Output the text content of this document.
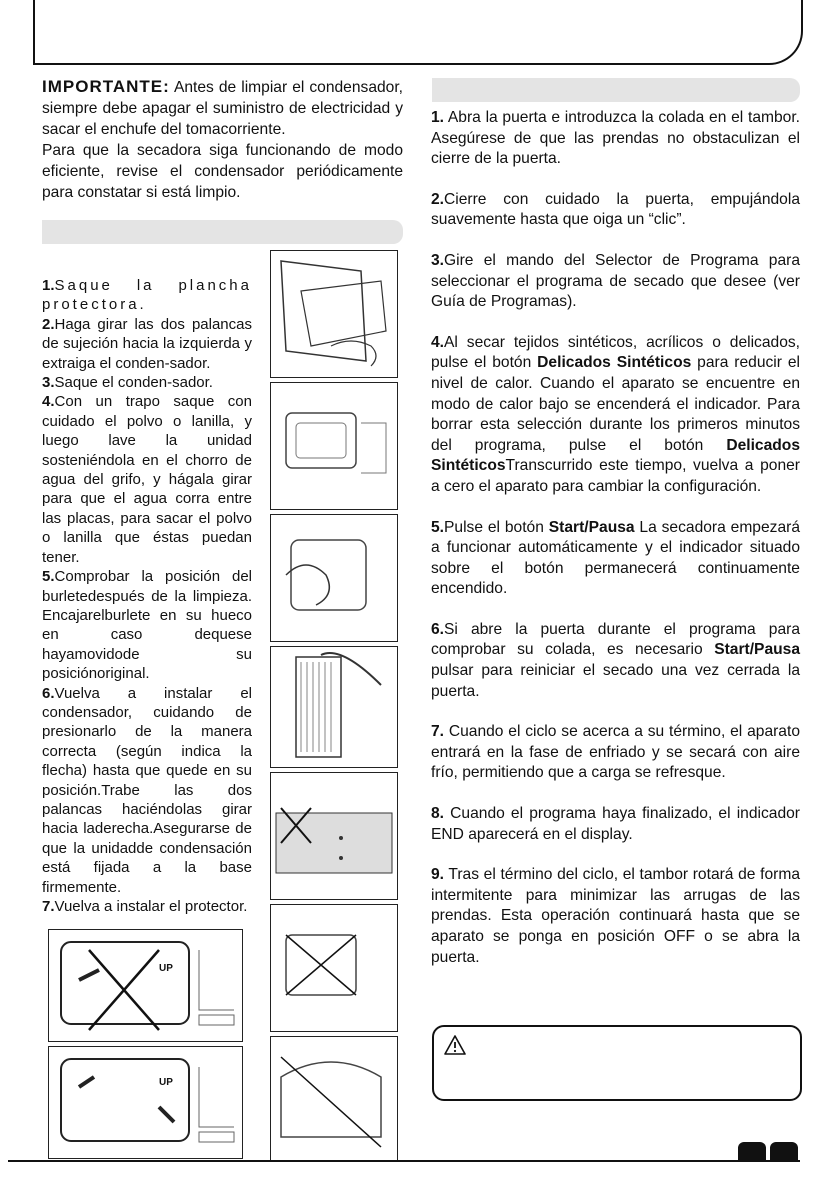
IMPORTANTE: Antes de limpiar el condensador, siempre debe apagar el suministro de electricidad y sacar el enchufe del tomacorriente.

Para que la secadora siga funcionando de modo eficiente, revise el condensador periódicamente para constatar si está limpio.

1.Saque la plancha protectora.

2.Haga girar las dos palancas de sujeción hacia la izquierda y extraiga el conden-sador.

3.Saque el conden-sador.

4.Con un trapo saque con cuidado el polvo o lanilla, y luego lave la unidad sosteniéndola en el chorro de agua del grifo, y hágala girar para que el agua corra entre las placas, para sacar el polvo o lanilla que éstas puedan tener.

5.Comprobar la posición del burletedespués de la limpieza. Encajarelburlete en su hueco en caso dequese hayamovidode su posiciónoriginal.

6.Vuelva a instalar el condensador, cuidando de presionarlo de la manera correcta (según indica la flecha) hasta que quede en su posición.Trabe las dos palancas haciéndolas girar hacia laderecha.Asegurarse de que la unidadde condensación está fijada a la base firmemente.

7.Vuelva a instalar el protector.

UP
UP

1. Abra la puerta e introduzca la colada en el tambor. Asegúrese de que las prendas no obstaculizan el cierre de la puerta.

2.Cierre con cuidado la puerta, empujándola suavemente hasta que oiga un “clic”.

3.Gire el mando del Selector de Programa para seleccionar el programa de secado que desee (ver Guía de Programas).

4.Al secar tejidos sintéticos, acrílicos o delicados, pulse el botón Delicados Sintéticos para reducir el nivel de calor. Cuando el aparato se encuentre en modo de calor bajo se encenderá el indicador. Para borrar esta selección durante los primeros minutos del programa, pulse el botón Delicados SintéticosTranscurrido este tiempo, vuelva a poner a cero el aparato para cambiar la configuración.

5.Pulse el botón Start/Pausa La secadora empezará a funcionar automáticamente y el indicador situado sobre el botón permanecerá continuamente encendido.

6.Si abre la puerta durante el programa para comprobar su colada, es necesario Start/Pausa pulsar para reiniciar el secado una vez cerrada la puerta.

7. Cuando el ciclo se acerca a su término, el aparato entrará en la fase de enfriado y se secará con aire frío, permitiendo que a carga se refresque.

8. Cuando el programa haya finalizado, el indicador END aparecerá en el display.

9. Tras el término del ciclo, el tambor rotará de forma intermitente para minimizar las arrugas de las prendas. Esta operación continuará hasta que se aparato se ponga en posición OFF o se abra la puerta.
